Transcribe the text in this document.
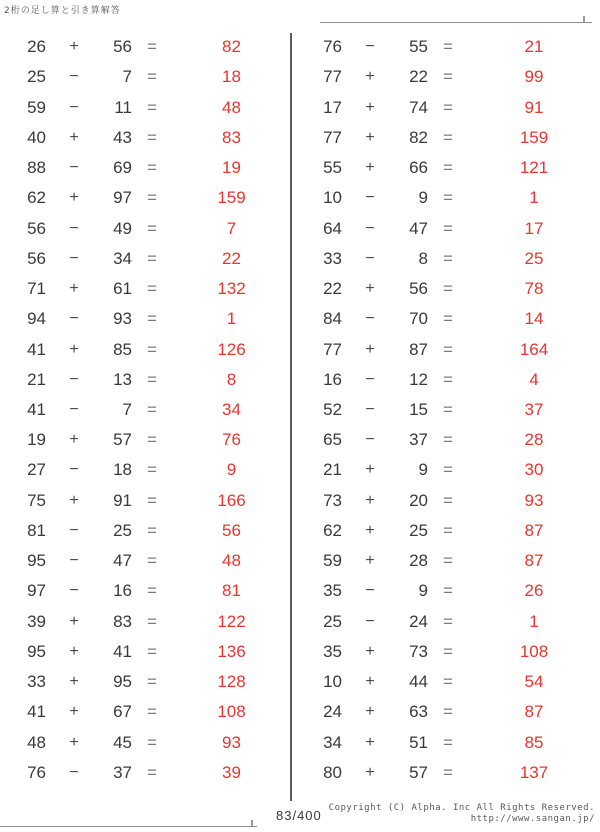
2桁の足し算と引き算解答
26	+	56 =	82
25	−	7 =	18
59	−	11 =	48
40	+	43 =	83
88	−	69 =	19
62	+	97 =	159
56	−	49 =	7
56	−	34 =	22
71	+	61 =	132
94	−	93 =	1
41	+	85 =	126
21	−	13 =	8
41	−	7 =	34
19	+	57 =	76
27	−	18 =	9
75	+	91 =	166
81	−	25 =	56
95	−	47 =	48
97	−	16 =	81
39	+	83 =	122
95	+	41 =	136
33	+	95 =	128
41	+	67 =	108
48	+	45 =	93
76	−	37 =	39
76	−	55 =	21
77	+	22 =	99
17	+	74 =	91
77	+	82 =	159
55	+	66 =	121
10	−	9 =	1
64	−	47 =	17
33	−	8 =	25
22	+	56 =	78
84	−	70 =	14
77	+	87 =	164
16	−	12 =	4
52	−	15 =	37
65	−	37 =	28
21	+	9 =	30
73	+	20 =	93
62	+	25 =	87
59	+	28 =	87
35	−	9 =	26
25	−	24 =	1
35	+	73 =	108
10	+	44 =	54
24	+	63 =	87
34	+	51 =	85
80	+	57 =	137
83/400 Copyright (C) Alpha. Inc All Rights Reserved.
http://www.sangan.jp/
